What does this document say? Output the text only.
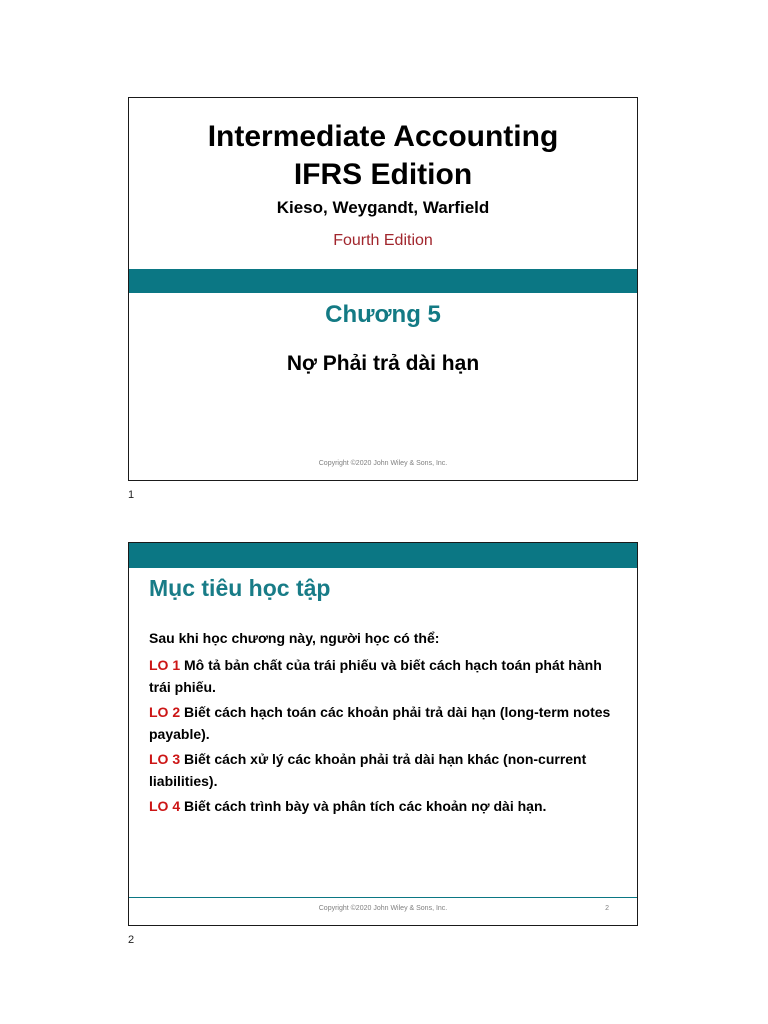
Intermediate Accounting
IFRS Edition
Kieso, Weygandt, Warfield
Fourth Edition
Chương 5
Nợ Phải trả dài hạn
Copyright ©2020 John Wiley & Sons, Inc.
1
Mục tiêu học tập

Sau khi học chương này, người học có thể:

LO 1 Mô tả bản chất của trái phiếu và biết cách hạch toán phát hành trái phiếu.

LO 2 Biết cách hạch toán các khoản phải trả dài hạn (long-term notes payable).

LO 3 Biết cách xử lý các khoản phải trả dài hạn khác (non-current liabilities).

LO 4 Biết cách trình bày và phân tích các khoản nợ dài hạn.

Copyright ©2020 John Wiley & Sons, Inc.	2
2
